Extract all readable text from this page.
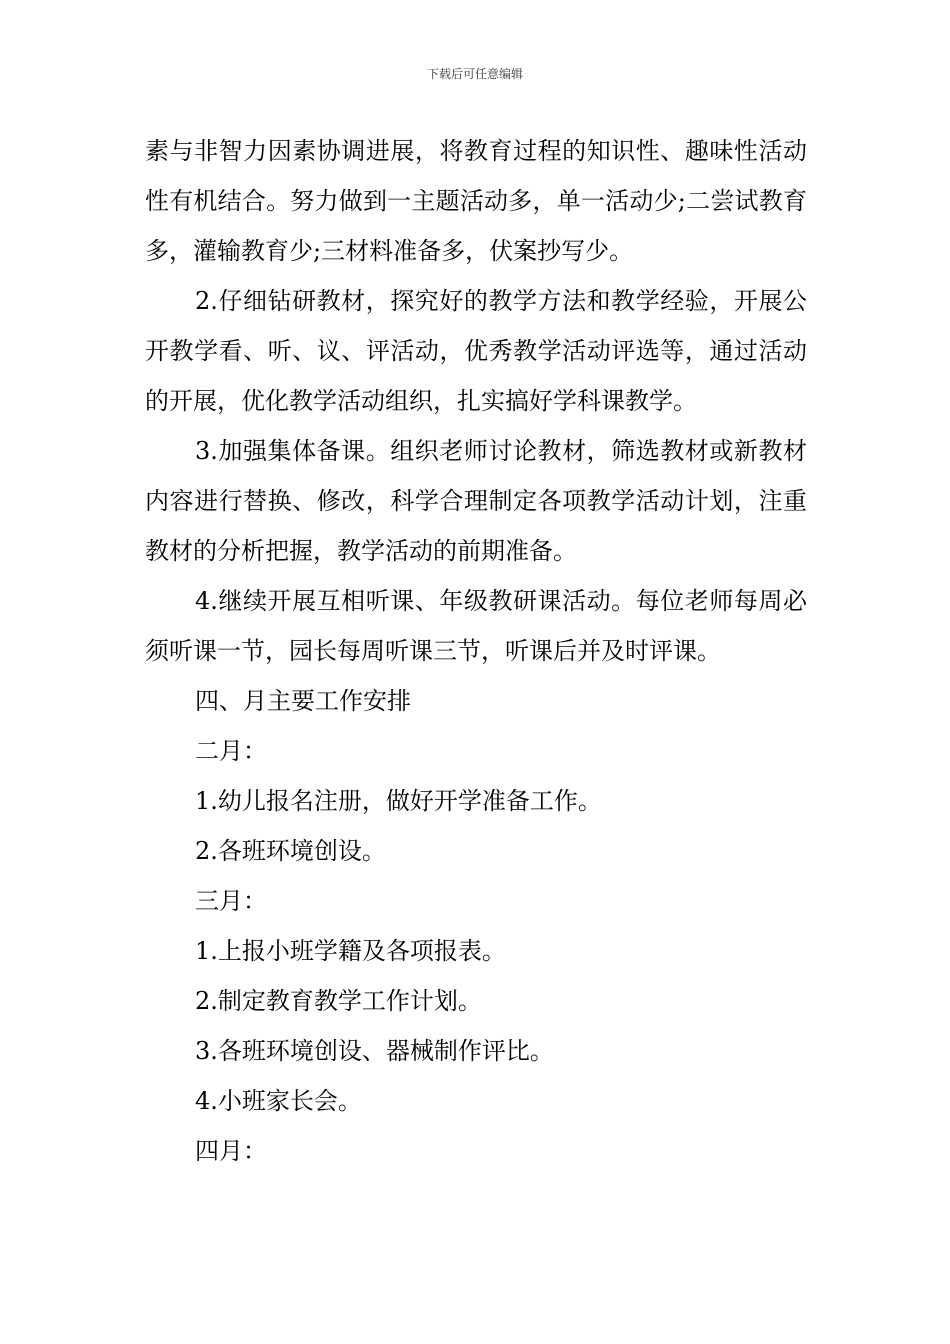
下载后可任意编辑

素与非智力因素协调进展，将教育过程的知识性、趣味性活动性有机结合。努力做到一主题活动多，单一活动少;二尝试教育多，灌输教育少;三材料准备多，伏案抄写少。

2.仔细钻研教材，探究好的教学方法和教学经验，开展公开教学看、听、议、评活动，优秀教学活动评选等，通过活动的开展，优化教学活动组织，扎实搞好学科课教学。

3.加强集体备课。组织老师讨论教材，筛选教材或新教材内容进行替换、修改，科学合理制定各项教学活动计划，注重教材的分析把握，教学活动的前期准备。

4.继续开展互相听课、年级教研课活动。每位老师每周必须听课一节，园长每周听课三节，听课后并及时评课。

四、月主要工作安排

二月：

1.幼儿报名注册，做好开学准备工作。

2.各班环境创设。

三月：

1.上报小班学籍及各项报表。

2.制定教育教学工作计划。

3.各班环境创设、器械制作评比。

4.小班家长会。

四月：
